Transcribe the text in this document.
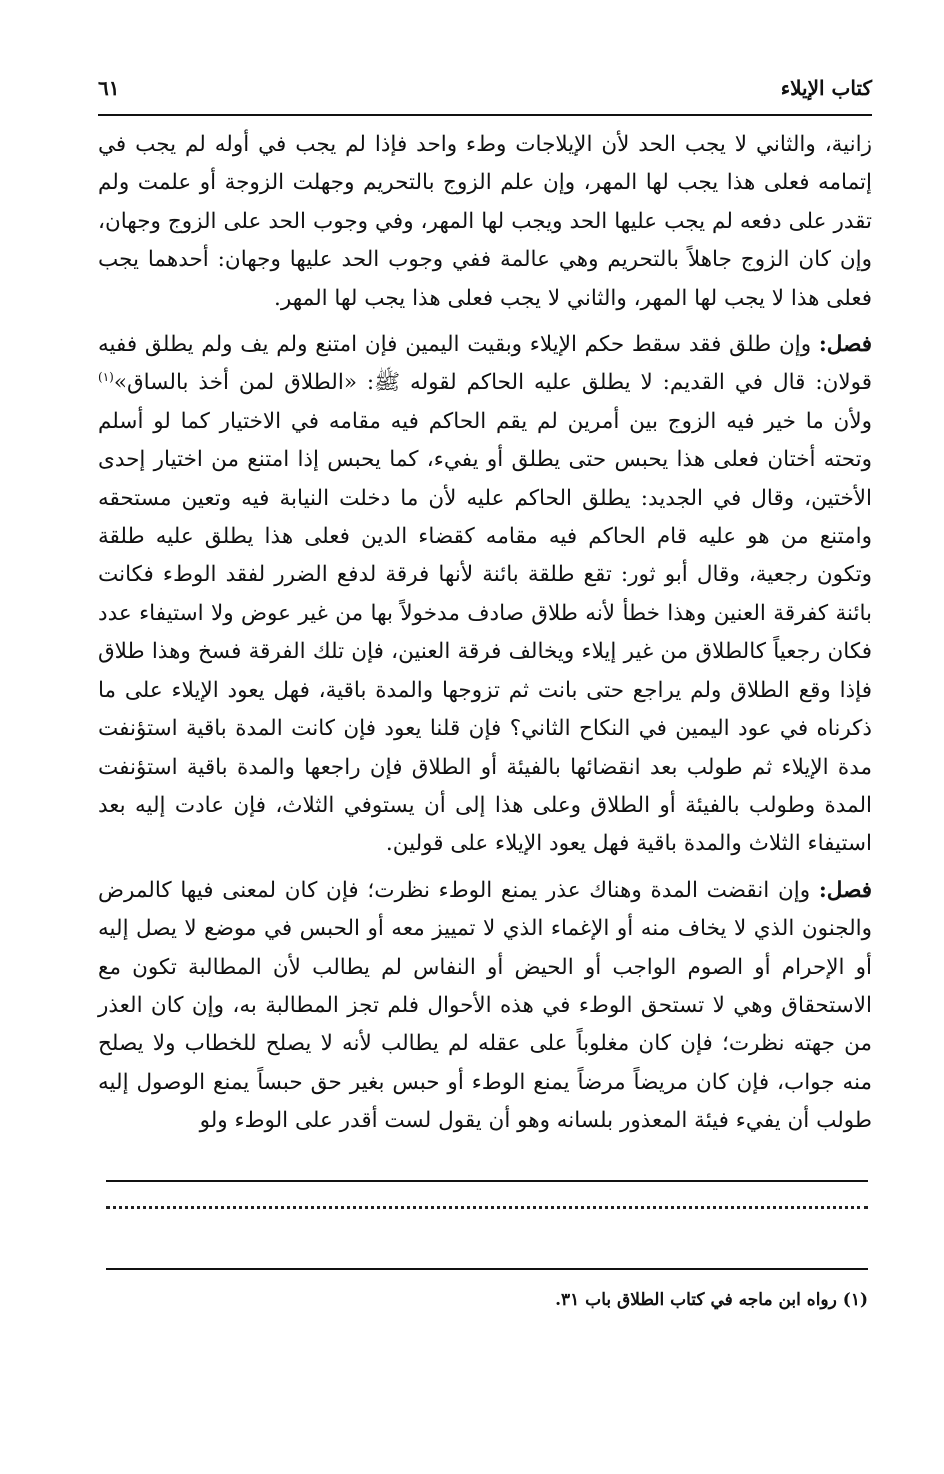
كتاب الإيلاء
٦١

زانية، والثاني لا يجب الحد لأن الإيلاجات وطء واحد فإذا لم يجب في أوله لم يجب في إتمامه فعلى هذا يجب لها المهر، وإن علم الزوج بالتحريم وجهلت الزوجة أو علمت ولم تقدر على دفعه لم يجب عليها الحد ويجب لها المهر، وفي وجوب الحد على الزوج وجهان، وإن كان الزوج جاهلاً بالتحريم وهي عالمة ففي وجوب الحد عليها وجهان: أحدهما يجب فعلى هذا لا يجب لها المهر، والثاني لا يجب فعلى هذا يجب لها المهر.

فصل: وإن طلق فقد سقط حكم الإيلاء وبقيت اليمين فإن امتنع ولم يف ولم يطلق ففيه قولان: قال في القديم: لا يطلق عليه الحاكم لقوله ﷺ: «الطلاق لمن أخذ بالساق»$^{(١)}$ ولأن ما خير فيه الزوج بين أمرين لم يقم الحاكم فيه مقامه في الاختيار كما لو أسلم وتحته أختان فعلى هذا يحبس حتى يطلق أو يفيء، كما يحبس إذا امتنع من اختيار إحدى الأختين، وقال في الجديد: يطلق الحاكم عليه لأن ما دخلت النيابة فيه وتعين مستحقه وامتنع من هو عليه قام الحاكم فيه مقامه كقضاء الدين فعلى هذا يطلق عليه طلقة وتكون رجعية، وقال أبو ثور: تقع طلقة بائنة لأنها فرقة لدفع الضرر لفقد الوطء فكانت بائنة كفرقة العنين وهذا خطأ لأنه طلاق صادف مدخولاً بها من غير عوض ولا استيفاء عدد فكان رجعياً كالطلاق من غير إيلاء ويخالف فرقة العنين، فإن تلك الفرقة فسخ وهذا طلاق فإذا وقع الطلاق ولم يراجع حتى بانت ثم تزوجها والمدة باقية، فهل يعود الإيلاء على ما ذكرناه في عود اليمين في النكاح الثاني؟ فإن قلنا يعود فإن كانت المدة باقية استؤنفت مدة الإيلاء ثم طولب بعد انقضائها بالفيئة أو الطلاق فإن راجعها والمدة باقية استؤنفت المدة وطولب بالفيئة أو الطلاق وعلى هذا إلى أن يستوفي الثلاث، فإن عادت إليه بعد استيفاء الثلاث والمدة باقية فهل يعود الإيلاء على قولين.

فصل: وإن انقضت المدة وهناك عذر يمنع الوطء نظرت؛ فإن كان لمعنى فيها كالمرض والجنون الذي لا يخاف منه أو الإغماء الذي لا تمييز معه أو الحبس في موضع لا يصل إليه أو الإحرام أو الصوم الواجب أو الحيض أو النفاس لم يطالب لأن المطالبة تكون مع الاستحقاق وهي لا تستحق الوطء في هذه الأحوال فلم تجز المطالبة به، وإن كان العذر من جهته نظرت؛ فإن كان مغلوباً على عقله لم يطالب لأنه لا يصلح للخطاب ولا يصلح منه جواب، فإن كان مريضاً مرضاً يمنع الوطء أو حبس بغير حق حبساً يمنع الوصول إليه طولب أن يفيء فيئة المعذور بلسانه وهو أن يقول لست أقدر على الوطء ولو

(١) رواه ابن ماجه في كتاب الطلاق باب ٣١.
